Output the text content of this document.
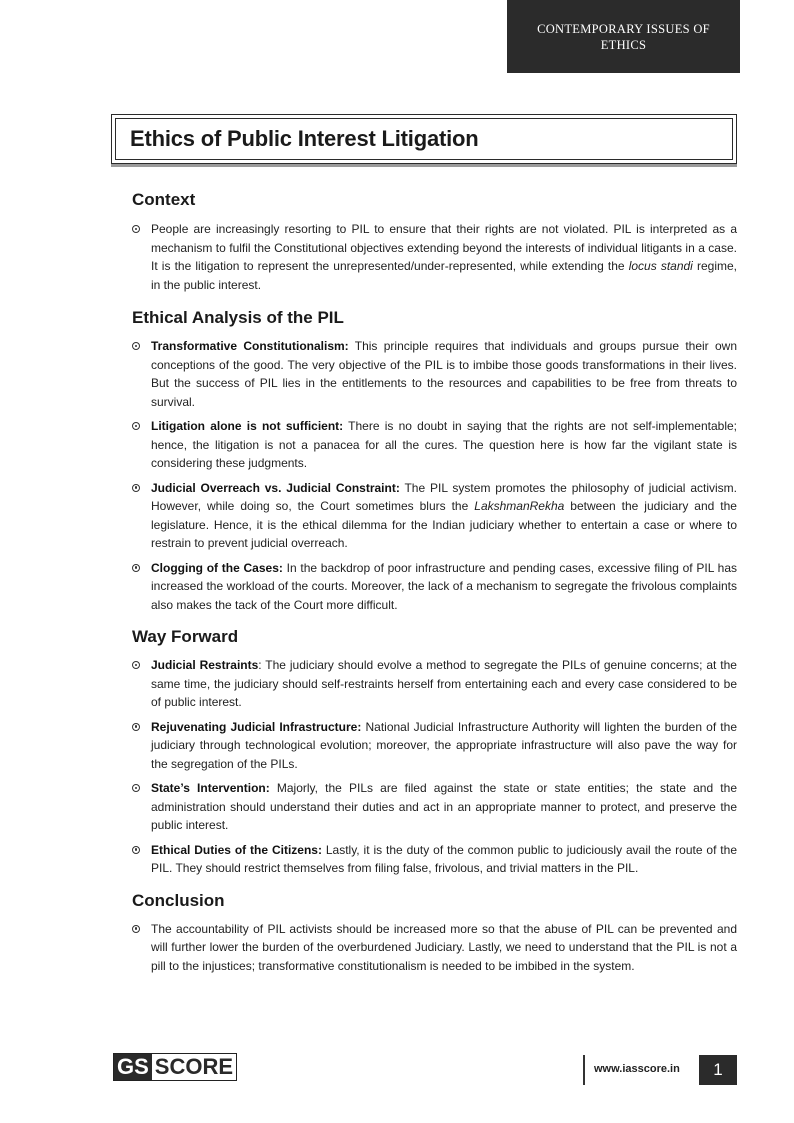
CONTEMPORARY ISSUES OF
ETHICS
Ethics of Public Interest Litigation
Context
People are increasingly resorting to PIL to ensure that their rights are not violated. PIL is interpreted as a mechanism to fulfil the Constitutional objectives extending beyond the interests of individual litigants in a case. It is the litigation to represent the unrepresented/under-represented, while extending the locus standi regime, in the public interest.
Ethical Analysis of the PIL
Transformative Constitutionalism: This principle requires that individuals and groups pursue their own conceptions of the good. The very objective of the PIL is to imbibe those goods transformations in their lives. But the success of PIL lies in the entitlements to the resources and capabilities to be free from threats to survival.
Litigation alone is not sufficient: There is no doubt in saying that the rights are not self-implementable; hence, the litigation is not a panacea for all the cures. The question here is how far the vigilant state is considering these judgments.
Judicial Overreach vs. Judicial Constraint: The PIL system promotes the philosophy of judicial activism. However, while doing so, the Court sometimes blurs the LakshmanRekha between the judiciary and the legislature. Hence, it is the ethical dilemma for the Indian judiciary whether to entertain a case or where to restrain to prevent judicial overreach.
Clogging of the Cases: In the backdrop of poor infrastructure and pending cases, excessive filing of PIL has increased the workload of the courts. Moreover, the lack of a mechanism to segregate the frivolous complaints also makes the tack of the Court more difficult.
Way Forward
Judicial Restraints: The judiciary should evolve a method to segregate the PILs of genuine concerns; at the same time, the judiciary should self-restraints herself from entertaining each and every case considered to be of public interest.
Rejuvenating Judicial Infrastructure: National Judicial Infrastructure Authority will lighten the burden of the judiciary through technological evolution; moreover, the appropriate infrastructure will also pave the way for the segregation of the PILs.
State’s Intervention: Majorly, the PILs are filed against the state or state entities; the state and the administration should understand their duties and act in an appropriate manner to protect, and preserve the public interest.
Ethical Duties of the Citizens: Lastly, it is the duty of the common public to judiciously avail the route of the PIL. They should restrict themselves from filing false, frivolous, and trivial matters in the PIL.
Conclusion
The accountability of PIL activists should be increased more so that the abuse of PIL can be prevented and will further lower the burden of the overburdened Judiciary. Lastly, we need to understand that the PIL is not a pill to the injustices; transformative constitutionalism is needed to be imbibed in the system.
GS SCORE	www.iasscore.in	1
